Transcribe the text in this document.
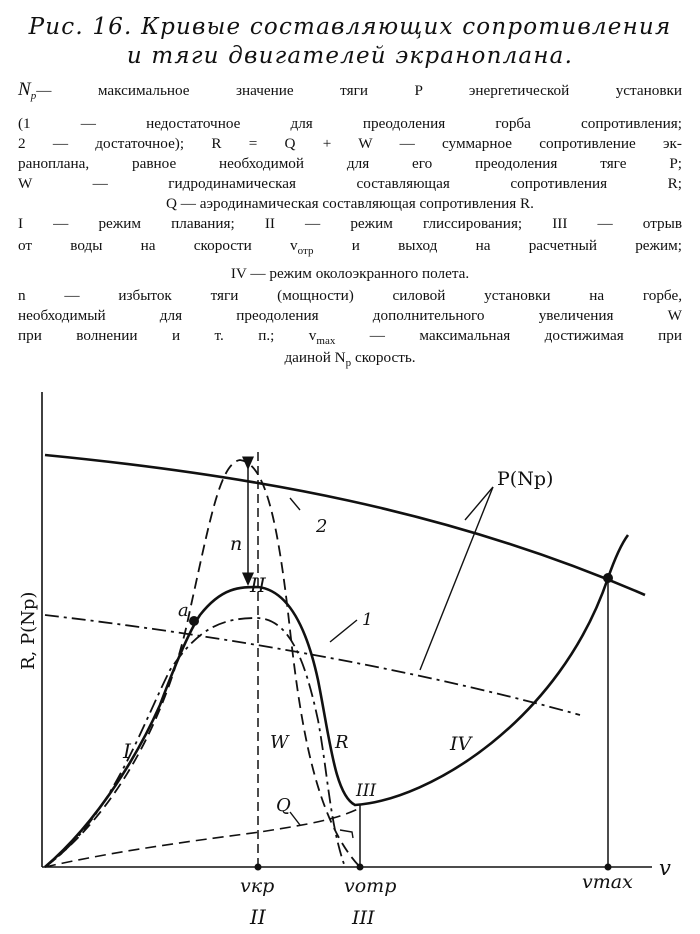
Рис. 16. Кривые составляющих сопротивления
и тяги двигателей экраноплана.
$N_p—$ максимальное значение тяги P энергетической установки
(1 — недостаточное для преодоления горба сопротивления;
2 — достаточное); R = Q + W — суммарное сопротивление эк-
раноплана, равное необходимой для его преодоления тяге P;
W — гидродинамическая составляющая сопротивления R;
Q — аэродинамическая составляющая сопротивления R.
I — режим плавания; II — режим глиссирования; III — отрыв
от воды на скорости $v_{отр}$ и выход на расчетный режим;
IV — режим околоэкранного полета.
n — избыток тяги (мощности) силовой установки на горбе,
необходимый для преодоления дополнительного увеличения W
при волнении и т. п.; $v_{max}$ — максимальная достижимая при
даиной $N_p$ скорость.
R, P(Np)
v
P(Np)
1
2
n
a
I
II
III
IV
W	R
Q
vкр	vотр	vmax
II	III
